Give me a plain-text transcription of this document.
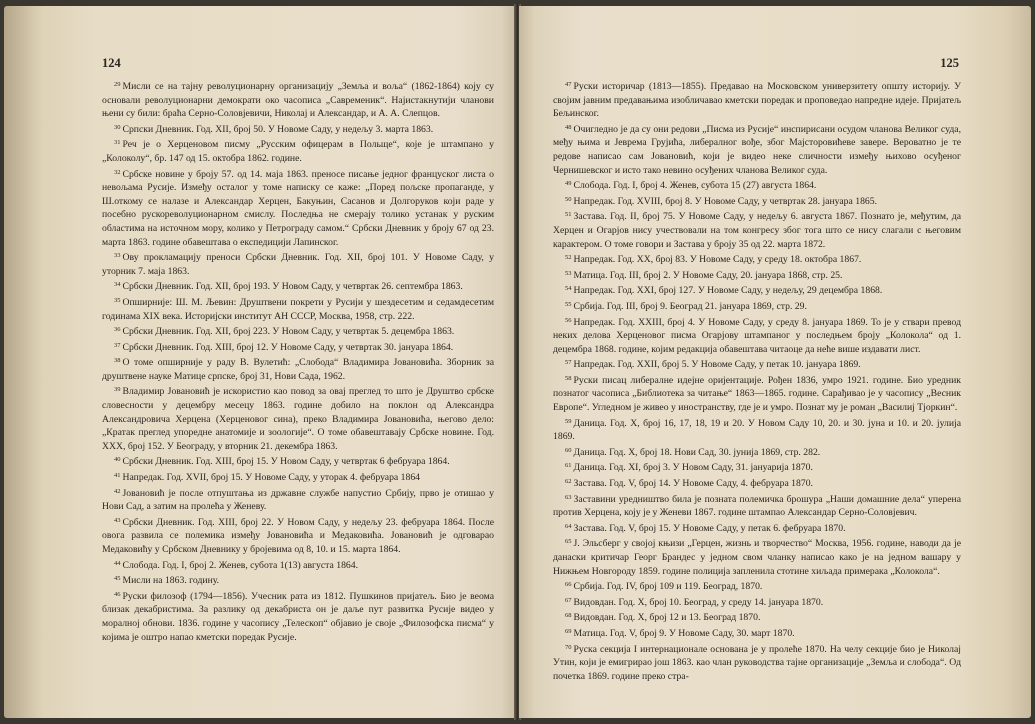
124

$^{29}$ Мисли се на тајну револуционарну организацију „Земља и воља“ (1862-1864) коју су основали револуционарни демократи око часописа „Савременик“. Најистакнутији чланови њени су били: браћа Серно-Соловјевичи, Николај и Александар, и А. А. Слепцов.

$^{30}$ Српски Дневник. Год. XII, број 50. У Новоме Саду, у недељу 3. марта 1863.

$^{31}$ Реч је о Херценовом писму „Русским офицерам в Польще“, које је штампано у „Колоколу“, бр. 147 од 15. октобра 1862. године.

$^{32}$ Србске новине у броју 57. од 14. маја 1863. преносе писање једног француског листа о невољама Русије. Између осталог у томе написку се каже: „Поред пољске пропаганде, у Ш.откому се налазе и Александар Херцен, Бакуњин, Сасанов и Долгоруков који раде у посебно рускореволуционарном смислу. Последња не смерају толико устанак у руским областима на источном мору, колико у Петрограду самом.“ Србски Дневник у броју 67 од 23. марта 1863. године обавештава о експедицији Лапинског.

$^{33}$ Ову прокламацију преноси Србски Дневник. Год. XII, број 101. У Новоме Саду, у уторник 7. маја 1863.

$^{34}$ Србски Дневник. Год. XII, број 193. У Новом Саду, у четвртак 26. септембра 1863.

$^{35}$ Опширније: Ш. М. Љевин: Друштвени покрети у Русији у шездесетим и седамдесетим годинама XIX века. Историјски институт АН СССР, Москва, 1958, стр. 222.

$^{36}$ Србски Дневник. Год. XII, број 223. У Новом Саду, у четвртак 5. децембра 1863.

$^{37}$ Србски Дневник. Год. XIII, број 12. У Новоме Саду, у четвртак 30. јануара 1864.

$^{38}$ О томе опширније у раду В. Вулетић: „Слобода“ Владимира Јовановића. Зборник за друштвене науке Матице српске, број 31, Нови Сада, 1962.

$^{39}$ Владимир Јовановић је искористио као повод за овај преглед то што је Друштво србске словесности у децембру месецу 1863. године добило на поклон од Александра Александровича Херцена (Херценовог сина), преко Владимира Јовановића, његово дело: „Кратак преглед упоредне анатомије и зоологије“. О томе обавештавају Србске новине. Год. XXX, број 152. У Београду, у вторник 21. декембра 1863.

$^{40}$ Србски Дневник. Год. XIII, број 15. У Новом Саду, у четвртак 6 фебруара 1864.

$^{41}$ Напредак. Год. XVII, број 15. У Новоме Саду, у уторак 4. фебруара 1864

$^{42}$ Јовановић је после отпуштања из државне службе напустио Србију, прво је отишао у Нови Сад, а затим на пролећа у Женеву.

$^{43}$ Србски Дневник. Год. XIII, број 22. У Новом Саду, у недељу 23. фебруара 1864. После овога развила се полемика између Јовановића и Медаковића. Јовановић је одговарао Медаковићу у Србском Дневнику у бројевима од 8, 10. и 15. марта 1864.

$^{44}$ Слобода. Год. I, број 2. Женев, субота 1(13) августа 1864.

$^{45}$ Мисли на 1863. годину.

$^{46}$ Руски филозоф (1794—1856). Учесник рата из 1812. Пушкинов пријатељ. Био је веома близак декабристима. За разлику од декабриста он је даље пут развитка Русије видео у моралној обнови. 1836. године у часопису „Телескоп“ објавио је своје „Филозофска писма“ у којима је оштро напао кметски поредак Русије.

125

$^{47}$ Руски историчар (1813—1855). Предавао на Московском универзитету општу историју. У својим јавним предавањима изобличавао кметски поредак и проповедао напредне идеје. Пријатељ Бељинског.

$^{48}$ Очигледно је да су они редови „Писма из Русије“ инспирисани осудом чланова Великог суда, међу њима и Јеврема Грујића, либералног вође, због Мајсторовићеве завере. Вероватно је те редове написао сам Јовановић, који је видео неке сличности између њихово осуђеног Чернишевског и исто тако невино осуђених чланова Великог суда.

$^{49}$ Слобода. Год. I, број 4. Женев, субота 15 (27) августа 1864.

$^{50}$ Напредак. Год. XVIII, број 8. У Новоме Саду, у четвртак 28. јануара 1865.

$^{51}$ Застава. Год. II, број 75. У Новоме Саду, у недељу 6. августа 1867. Познато је, међутим, да Херцен и Огарјов нису учествовали на том конгресу због тога што се нису слагали с његовим карактером. О томе говори и Застава у броју 35 од 22. марта 1872.

$^{52}$ Напредак. Год. XX, број 83. У Новоме Саду, у среду 18. октобра 1867.

$^{53}$ Матица. Год. III, број 2. У Новоме Саду, 20. јануара 1868, стр. 25.

$^{54}$ Напредак. Год. XXI, број 127. У Новоме Саду, у недељу, 29 децембра 1868.

$^{55}$ Србија. Год. III, број 9. Београд 21. јануара 1869, стр. 29.

$^{56}$ Напредак. Год. XXIII, број 4. У Новоме Саду, у среду 8. јануара 1869. То је у ствари превод неких делова Херценовог писма Огарјову штампаног у последњем броју „Колокола“ од 1. децембра 1868. године, којим редакција обавештава читаоце да неће више издавати лист.

$^{57}$ Напредак. Год. XXII, број 5. У Новоме Саду, у петак 10. јануара 1869.

$^{58}$ Руски писац либералне идејне оријентације. Рођен 1836, умро 1921. године. Био уредник познатог часописа „Библиотека за читање“ 1863—1865. године. Сарађивао је у часопису „Весник Европе“. Угледном је живео у иностранству, где је и умро. Познат му је роман „Василиј Тјоркин“.

$^{59}$ Даница. Год. X, број 16, 17, 18, 19 и 20. У Новом Саду 10, 20. и 30. јуна и 10. и 20. јулија 1869.

$^{60}$ Даница. Год. X, број 18. Нови Сад, 30. јунија 1869, стр. 282.

$^{61}$ Даница. Год. XI, број 3. У Новом Саду, 31. јануарија 1870.

$^{62}$ Застава. Год. V, број 14. У Новоме Саду, 4. фебруара 1870.

$^{63}$ Заставини уредништво била је позната полемичка брошура „Наши домашние дела“ уперена против Херцена, коју је у Женеви 1867. године штампао Александар Серно-Соловјевич.

$^{64}$ Застава. Год. V, број 15. У Новоме Саду, у петак 6. фебруара 1870.

$^{65}$ Ј. Эльсберг у својој књизи „Герцен, жизнь и творчество“ Москва, 1956. године, наводи да је данаски критичар Георг Брандес у једном свом чланку написао како је на једном вашару у Нижњем Новгороду 1859. године полиција запленила стотине хиљада примерака „Колокола“.

$^{66}$ Србија. Год. IV, број 109 и 119. Београд, 1870.

$^{67}$ Видовдан. Год. X, број 10. Београд, у среду 14. јануара 1870.

$^{68}$ Видовдан. Год. X, број 12 и 13. Београд 1870.

$^{69}$ Матица. Год. V, број 9. У Новоме Саду, 30. март 1870.

$^{70}$ Руска секција I интернационале основана је у пролеће 1870. На челу секције био је Николај Утин, који је емигрирао још 1863. као члан руководства тајне организације „Земља и слобода“. Од почетка 1869. године преко стра-
